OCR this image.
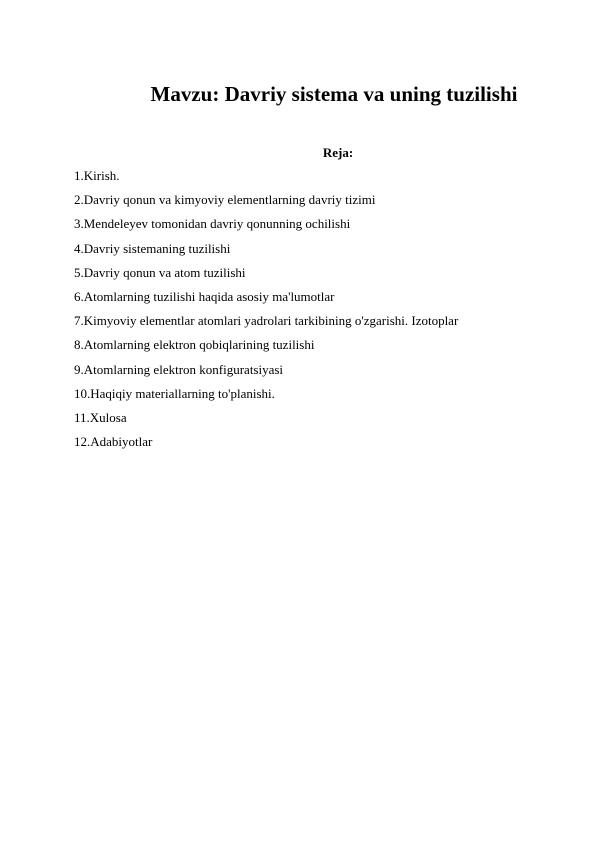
Mavzu: Davriy sistema va uning tuzilishi

Reja:

1.Kirish.
2.Davriy qonun va kimyoviy elementlarning davriy tizimi
3.Mendeleyev tomonidan davriy qonunning ochilishi
4.Davriy sistemaning tuzilishi
5.Davriy qonun va atom tuzilishi
6.Atomlarning tuzilishi haqida asosiy ma'lumotlar
7.Kimyoviy elementlar atomlari yadrolari tarkibining o'zgarishi. Izotoplar
8.Atomlarning elektron qobiqlarining tuzilishi
9.Atomlarning elektron konfiguratsiyasi
10.Haqiqiy materiallarning to'planishi.
11.Xulosa
12.Adabiyotlar
